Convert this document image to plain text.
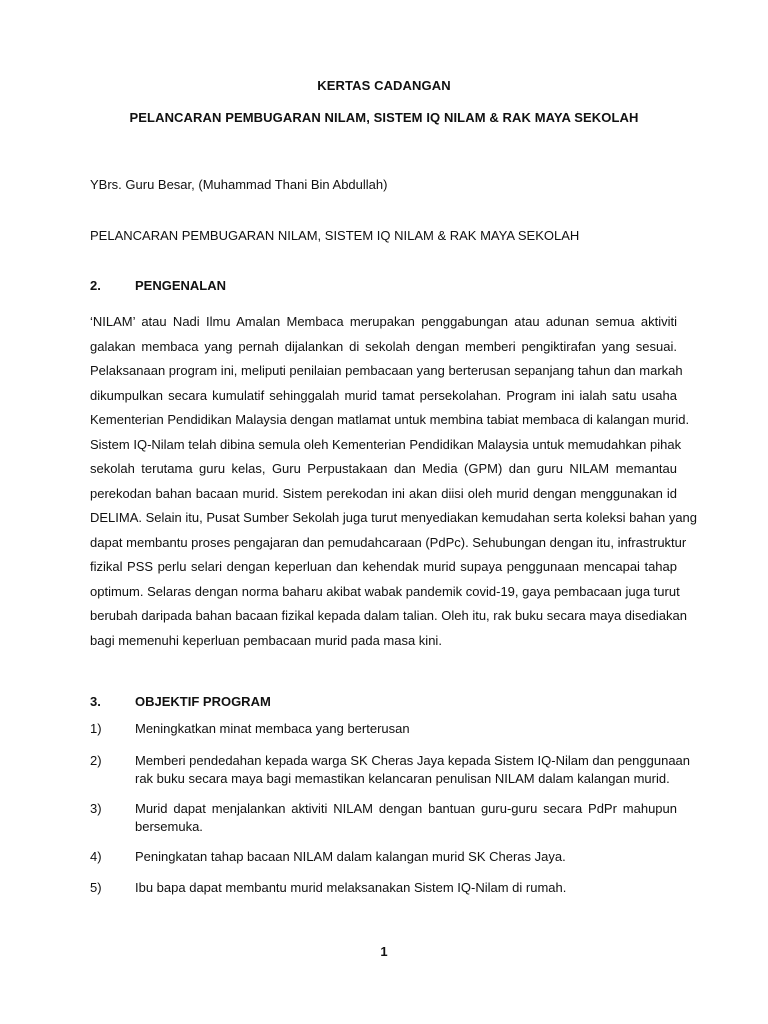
KERTAS CADANGAN
PELANCARAN PEMBUGARAN NILAM, SISTEM IQ NILAM & RAK MAYA SEKOLAH
YBrs. Guru Besar, (Muhammad Thani Bin Abdullah)
PELANCARAN PEMBUGARAN NILAM, SISTEM IQ NILAM & RAK MAYA SEKOLAH
2.	PENGENALAN
‘NILAM’ atau Nadi Ilmu Amalan Membaca merupakan penggabungan atau adunan semua aktiviti
galakan membaca yang pernah dijalankan di sekolah dengan memberi pengiktirafan yang sesuai.
Pelaksanaan program ini, meliputi penilaian pembacaan yang berterusan sepanjang tahun dan markah
dikumpulkan secara kumulatif sehinggalah murid tamat persekolahan. Program ini ialah satu usaha
Kementerian Pendidikan Malaysia dengan matlamat untuk membina tabiat membaca di kalangan murid.
Sistem IQ-Nilam telah dibina semula oleh Kementerian Pendidikan Malaysia untuk memudahkan pihak
sekolah terutama guru kelas, Guru Perpustakaan dan Media (GPM) dan guru NILAM memantau
perekodan bahan bacaan murid. Sistem perekodan ini akan diisi oleh murid dengan menggunakan id
DELIMA. Selain itu, Pusat Sumber Sekolah juga turut menyediakan kemudahan serta koleksi bahan yang
dapat membantu proses pengajaran dan pemudahcaraan (PdPc). Sehubungan dengan itu, infrastruktur
fizikal PSS perlu selari dengan keperluan dan kehendak murid supaya penggunaan mencapai tahap
optimum. Selaras dengan norma baharu akibat wabak pandemik covid-19, gaya pembacaan juga turut
berubah daripada bahan bacaan fizikal kepada dalam talian. Oleh itu, rak buku secara maya disediakan
bagi memenuhi keperluan pembacaan murid pada masa kini.
3.	OBJEKTIF PROGRAM
1)	Meningkatkan minat membaca yang berterusan
2)	Memberi pendedahan kepada warga SK Cheras Jaya kepada Sistem IQ-Nilam dan penggunaan
rak buku secara maya bagi memastikan kelancaran penulisan NILAM dalam kalangan murid.
3)	Murid dapat menjalankan aktiviti NILAM dengan bantuan guru-guru secara PdPr mahupun
bersemuka.
4)	Peningkatan tahap bacaan NILAM dalam kalangan murid SK Cheras Jaya.
5)	Ibu bapa dapat membantu murid melaksanakan Sistem IQ-Nilam di rumah.
1
